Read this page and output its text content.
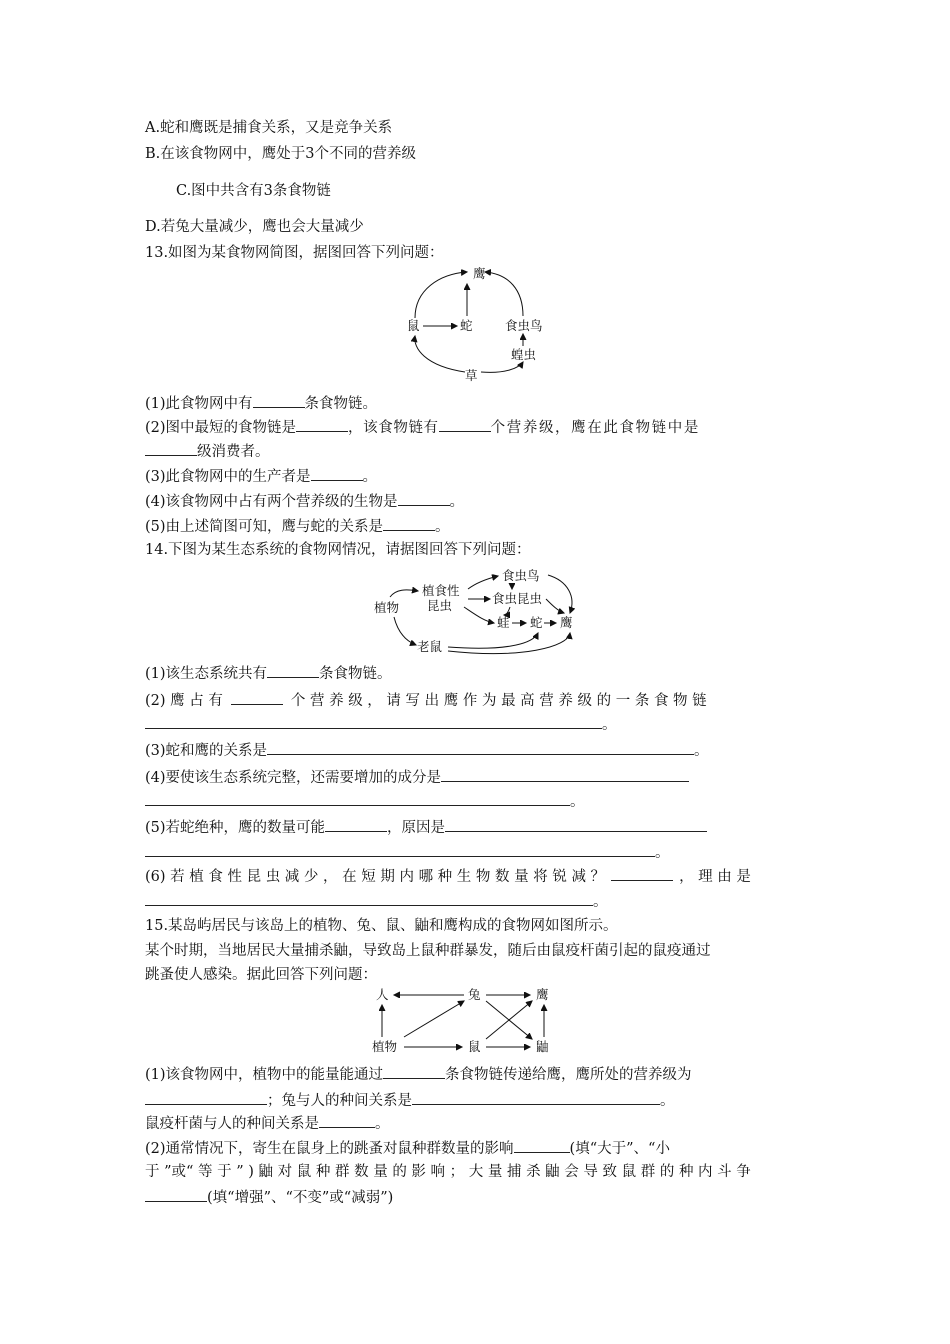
A.蛇和鹰既是捕食关系，又是竞争关系
B.在该食物网中，鹰处于3个不同的营养级
C.图中共含有3条食物链
D.若兔大量减少，鹰也会大量减少
13.如图为某食物网简图，据图回答下列问题：
鹰
鼠	蛇	食虫鸟
蝗虫
草
(1)此食物网中有	条食物链。
(2)图中最短的食物链是	，该食物链有	个营养级，鹰在此食物链中是
级消费者。
(3)此食物网中的生产者是	。
(4)该食物网中占有两个营养级的生物是	。
(5)由上述简图可知，鹰与蛇的关系是	。
14.下图为某生态系统的食物网情况，请据图回答下列问题：
植物
植食性
昆虫
食虫鸟
食虫昆虫
蛙 蛇 鹰
老鼠
(1)该生态系统共有	条食物链。
(2) 鹰 占 有	个 营 养 级 ， 请 写 出 鹰 作 为 最 高 营 养 级 的 一 条 食 物 链
。
(3)蛇和鹰的关系是	。
(4)要使该生态系统完整，还需要增加的成分是
。
(5)若蛇绝种，鹰的数量可能	，原因是
。
(6) 若 植 食 性 昆 虫 减 少 ， 在 短 期 内 哪 种 生 物 数 量 将 锐 减 ？	， 理 由 是
。
15.某岛屿居民与该岛上的植物、兔、鼠、鼬和鹰构成的食物网如图所示。
某个时期，当地居民大量捕杀鼬，导致岛上鼠种群暴发，随后由鼠疫杆菌引起的鼠疫通过
跳蚤使人感染。据此回答下列问题：
人	兔	鹰
植物	鼠	鼬
(1)该食物网中，植物中的能量能通过	条食物链传递给鹰，鹰所处的营养级为
；兔与人的种间关系是	。
鼠疫杆菌与人的种间关系是	。
(2)通常情况下，寄生在鼠身上的跳蚤对鼠种群数量的影响	(填“大于”、“小
于 ”或“ 等 于 ” ) 鼬 对 鼠 种 群 数 量 的 影 响 ； 大 量 捕 杀 鼬 会 导 致 鼠 群 的 种 内 斗 争
(填“增强”、“不变”或“减弱”)
